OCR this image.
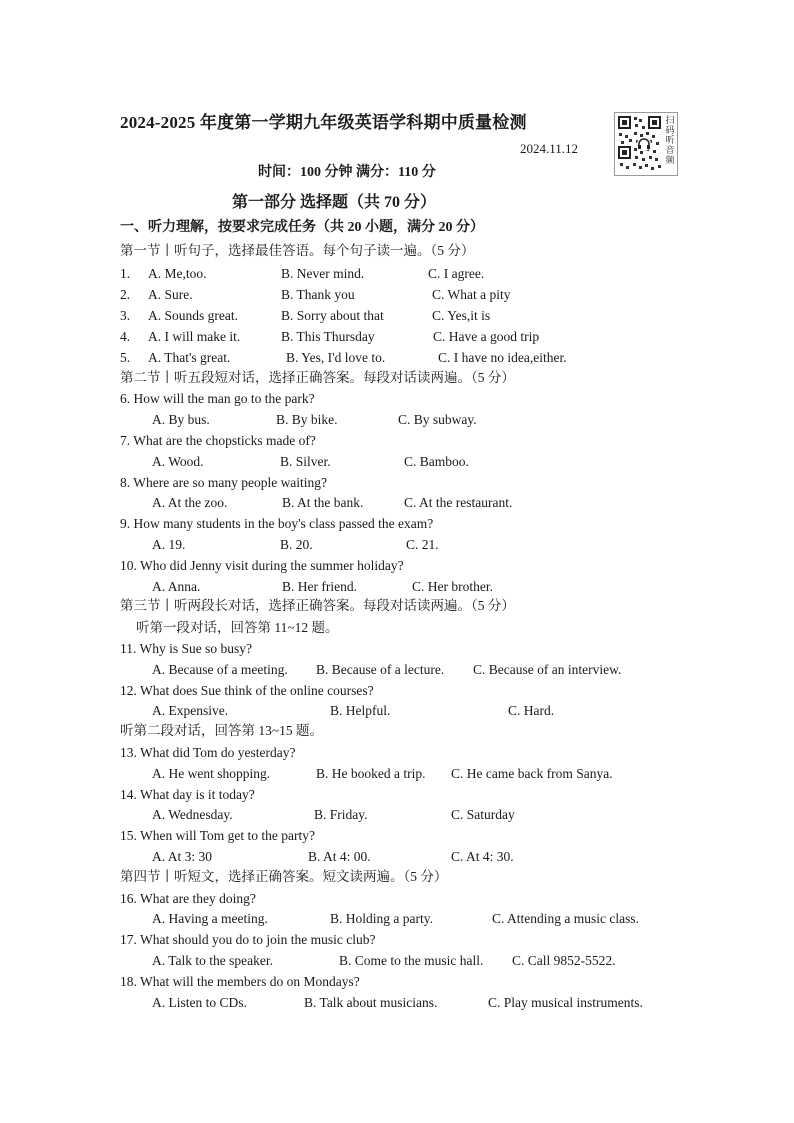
2024-2025 年度第一学期九年级英语学科期中质量检测
2024.11.12
扫码听音频
时间：100 分钟 满分：110 分
第一部分 选择题（共 70 分）
一、听力理解，按要求完成任务（共 20 小题，满分 20 分）
第一节丨听句子，选择最佳答语。每个句子读一遍。（5 分）
1. A. Me,too.	B. Never mind.	C. I agree.
2. A. Sure.	B. Thank you	C. What a pity
3. A. Sounds great.	B. Sorry about that	C. Yes,it is
4. A. I will make it.	B. This Thursday	C. Have a good trip
5. A. That's great.	B. Yes, I'd love to.	C. I have no idea,either.
第二节丨听五段短对话，选择正确答案。每段对话读两遍。（5 分）
6. How will the man go to the park?
A. By bus.	B. By bike.	C. By subway.
7. What are the chopsticks made of?
A. Wood.	B. Silver.	C. Bamboo.
8. Where are so many people waiting?
A. At the zoo.	B. At the bank.	C. At the restaurant.
9. How many students in the boy's class passed the exam?
A. 19.	B. 20.	C. 21.
10. Who did Jenny visit during the summer holiday?
A. Anna.	B. Her friend.	C. Her brother.
第三节丨听两段长对话，选择正确答案。每段对话读两遍。（5 分）
听第一段对话，回答第 11~12 题。
11. Why is Sue so busy?
A. Because of a meeting. B. Because of a lecture. C. Because of an interview.
12. What does Sue think of the online courses?
A. Expensive.	B. Helpful.	C. Hard.
听第二段对话，回答第 13~15 题。
13. What did Tom do yesterday?
A. He went shopping.	B. He booked a trip. C. He came back from Sanya.
14. What day is it today?
A. Wednesday.	B. Friday.	C. Saturday
15. When will Tom get to the party?
A. At 3: 30	B. At 4: 00.	C. At 4: 30.
第四节丨听短文，选择正确答案。短文读两遍。（5 分）
16. What are they doing?
A. Having a meeting.	B. Holding a party.	C. Attending a music class.
17. What should you do to join the music club?
A. Talk to the speaker.	B. Come to the music hall. C. Call 9852-5522.
18. What will the members do on Mondays?
A. Listen to CDs.	B. Talk about musicians.	C. Play musical instruments.
